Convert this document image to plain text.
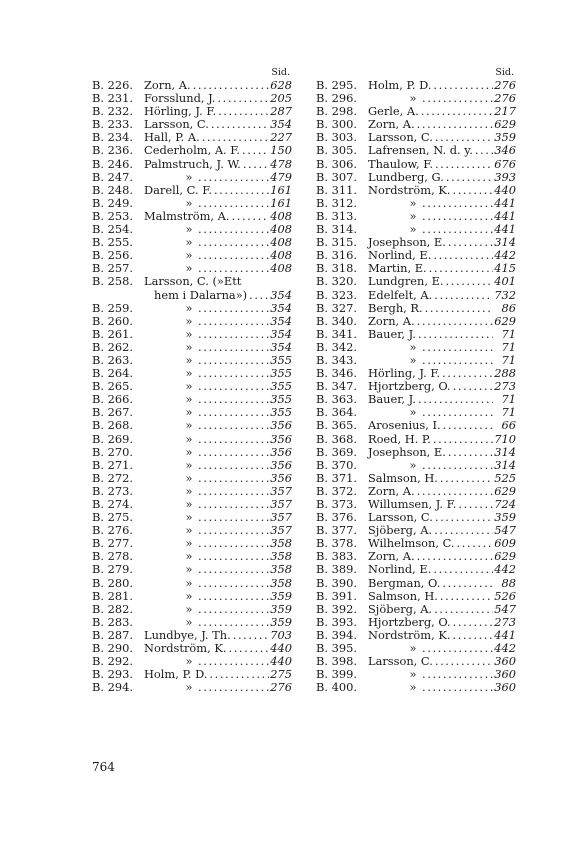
Sid.
B. 226. Zorn, A. .....	628
B. 231. Forsslund, J. .....	205
B. 232. Hörling, J. F. .....	287
B. 233. Larsson, C. .....	354
B. 234. Hall, P. A. .....	227
B. 236. Cederholm, A. F. .....	150
B. 246. Palmstruch, J. W. .....	478
B. 247.	» .....	479
B. 248. Darell, C. F. .....	161
B. 249.	» .....	161
B. 253. Malmström, A. .....	408
B. 254.	» .....	408
B. 255.	» .....	408
B. 256.	» .....	408
B. 257.	» .....	408
B. 258. Larsson, C. (»Ett
hem i Dalarna») ..... 354
B. 259.	» .....	354
B. 260.	» .....	354
B. 261.	» .....	354
B. 262.	» .....	354
B. 263.	» .....	355
B. 264.	» .....	355
B. 265.	» .....	355
B. 266.	» .....	355
B. 267.	» .....	355
B. 268.	» .....	356
B. 269.	» .....	356
B. 270.	» .....	356
B. 271.	» .....	356
B. 272.	» .....	356
B. 273.	» .....	357
B. 274.	» .....	357
B. 275.	» .....	357
B. 276.	» .....	357
B. 277.	» .....	358
B. 278.	» .....	358
B. 279.	» .....	358
B. 280.	» .....	358
B. 281.	» .....	359
B. 282.	» .....	359
B. 283.	» .....	359
B. 287. Lundbye, J. Th. .....	703
B. 290. Nordström, K. .....	440
B. 292.	» .....	440
B. 293. Holm, P. D. .....	275
B. 294.	» .....	276
Sid.
B. 295. Holm, P. D. .....	276
B. 296.	» .....	276
B. 298. Gerle, A. .....	217
B. 300. Zorn, A. .....	629
B. 303. Larsson, C. .....	359
B. 305. Lafrensen, N. d. y. ..... 346
B. 306. Thaulow, F. .....	676
B. 307. Lundberg, G. .....	393
B. 311. Nordström, K. .....	440
B. 312.	» .....	441
B. 313.	» .....	441
B. 314.	» .....	441
B. 315. Josephson, E. .....	314
B. 316. Norlind, E. .....	442
B. 318. Martin, E. .....	415
B. 320. Lundgren, E. .....	401
B. 323. Edelfelt, A. .....	732
B. 327. Bergh, R. .....	86
B. 340. Zorn, A. .....	629
B. 341. Bauer, J. .....	71
B. 342.	» .....	71
B. 343.	» .....	71
B. 346. Hörling, J. F. .....	288
B. 347. Hjortzberg, O. .....	273
B. 363. Bauer, J. .....	71
B. 364.	» .....	71
B. 365. Arosenius, I. .....	66
B. 368. Roed, H. P. .....	710
B. 369. Josephson, E. .....	314
B. 370.	» .....	314
B. 371. Salmson, H. .....	525
B. 372. Zorn, A. .....	629
B. 373. Willumsen, J. F. .....	724
B. 376. Larsson, C. .....	359
B. 377. Sjöberg, A. .....	547
B. 378. Wilhelmson, C. .....	609
B. 383. Zorn, A. .....	629
B. 389. Norlind, E. .....	442
B. 390. Bergman, O. .....	88
B. 391. Salmson, H. .....	526
B. 392. Sjöberg, A. .....	547
B. 393. Hjortzberg, O. .....	273
B. 394. Nordström, K. .....	441
B. 395.	» .....	442
B. 398. Larsson, C. .....	360
B. 399.	» .....	360
B. 400.	» .....	360
764
